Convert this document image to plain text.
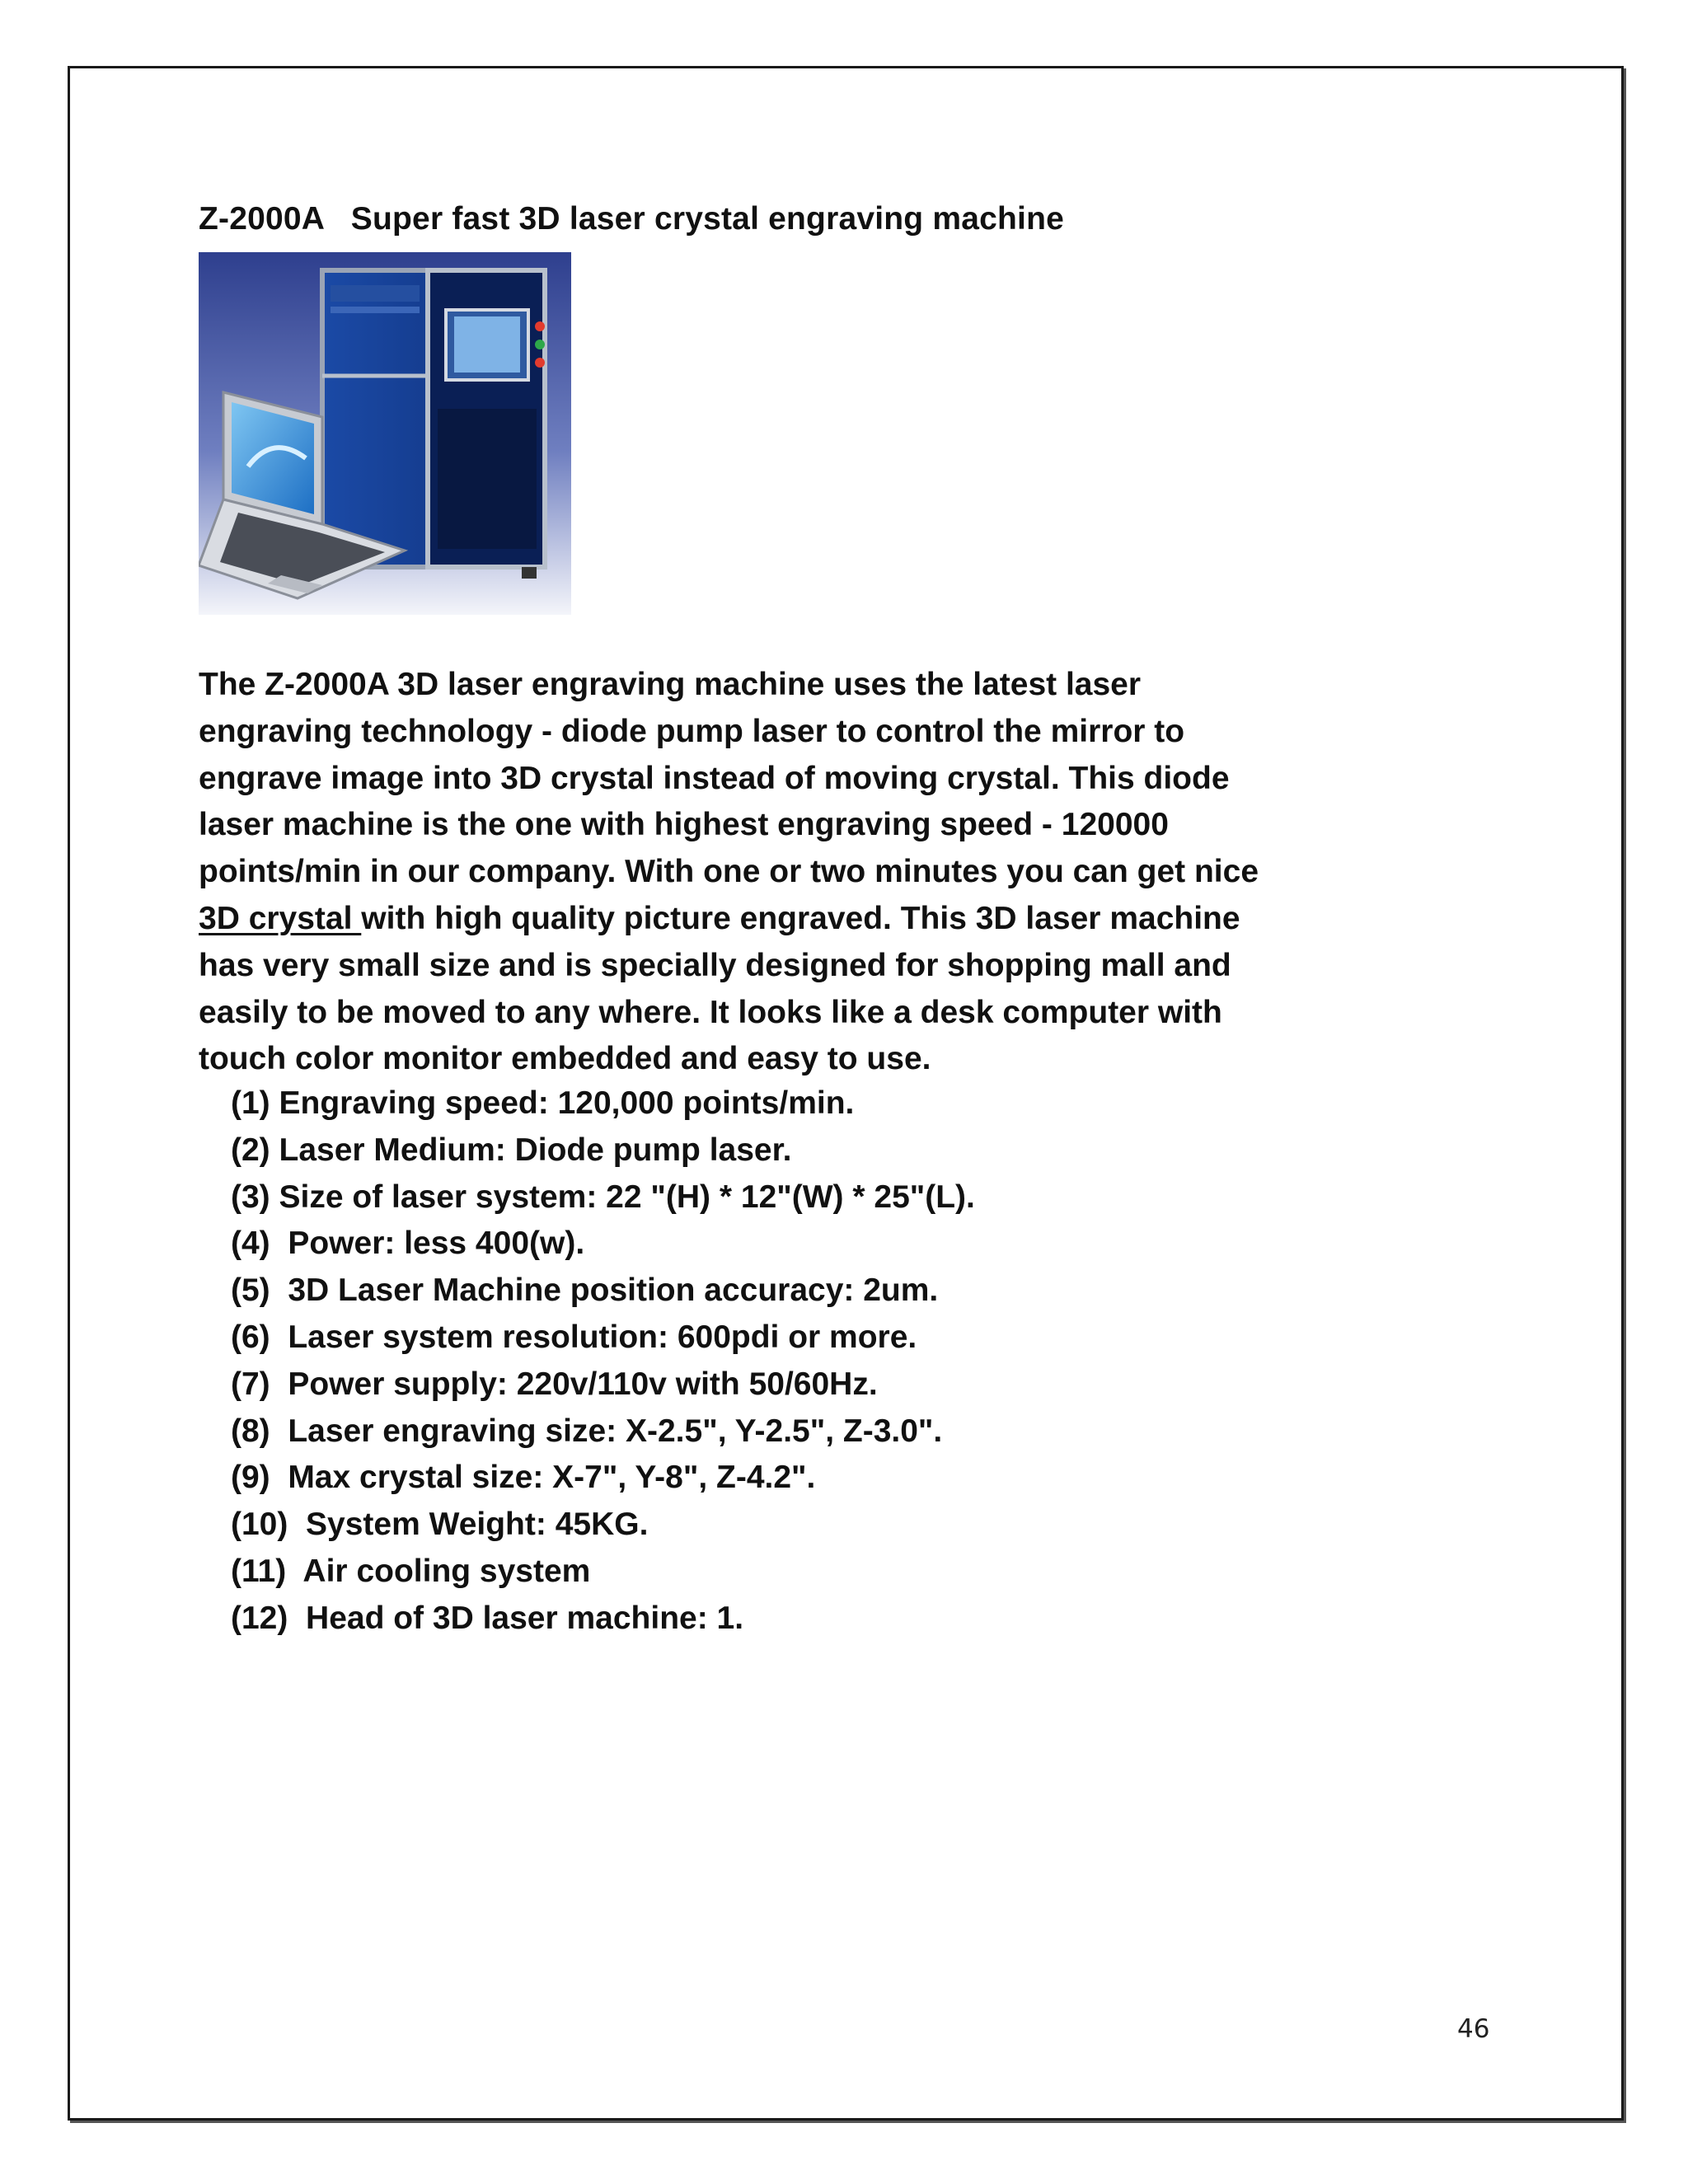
Z-2000A   Super fast 3D laser crystal engraving machine
The Z-2000A 3D laser engraving machine uses the latest laser
engraving technology - diode pump laser to control the mirror to
engrave image into 3D crystal instead of moving crystal. This diode
laser machine is the one with highest engraving speed - 120000
points/min in our company. With one or two minutes you can get nice
3D crystal with high quality picture engraved. This 3D laser machine
has very small size and is specially designed for shopping mall and
easily to be moved to any where. It looks like a desk computer with
touch color monitor embedded and easy to use.
(1) Engraving speed: 120,000 points/min.
(2) Laser Medium: Diode pump laser.
(3) Size of laser system: 22 "(H) * 12"(W) * 25"(L).
(4)  Power: less 400(w).
(5)  3D Laser Machine position accuracy: 2um.
(6)  Laser system resolution: 600pdi or more.
(7)  Power supply: 220v/110v with 50/60Hz.
(8)  Laser engraving size: X-2.5", Y-2.5", Z-3.0".
(9)  Max crystal size: X-7", Y-8", Z-4.2".
(10)  System Weight: 45KG.
(11)  Air cooling system
(12)  Head of 3D laser machine: 1.
46
